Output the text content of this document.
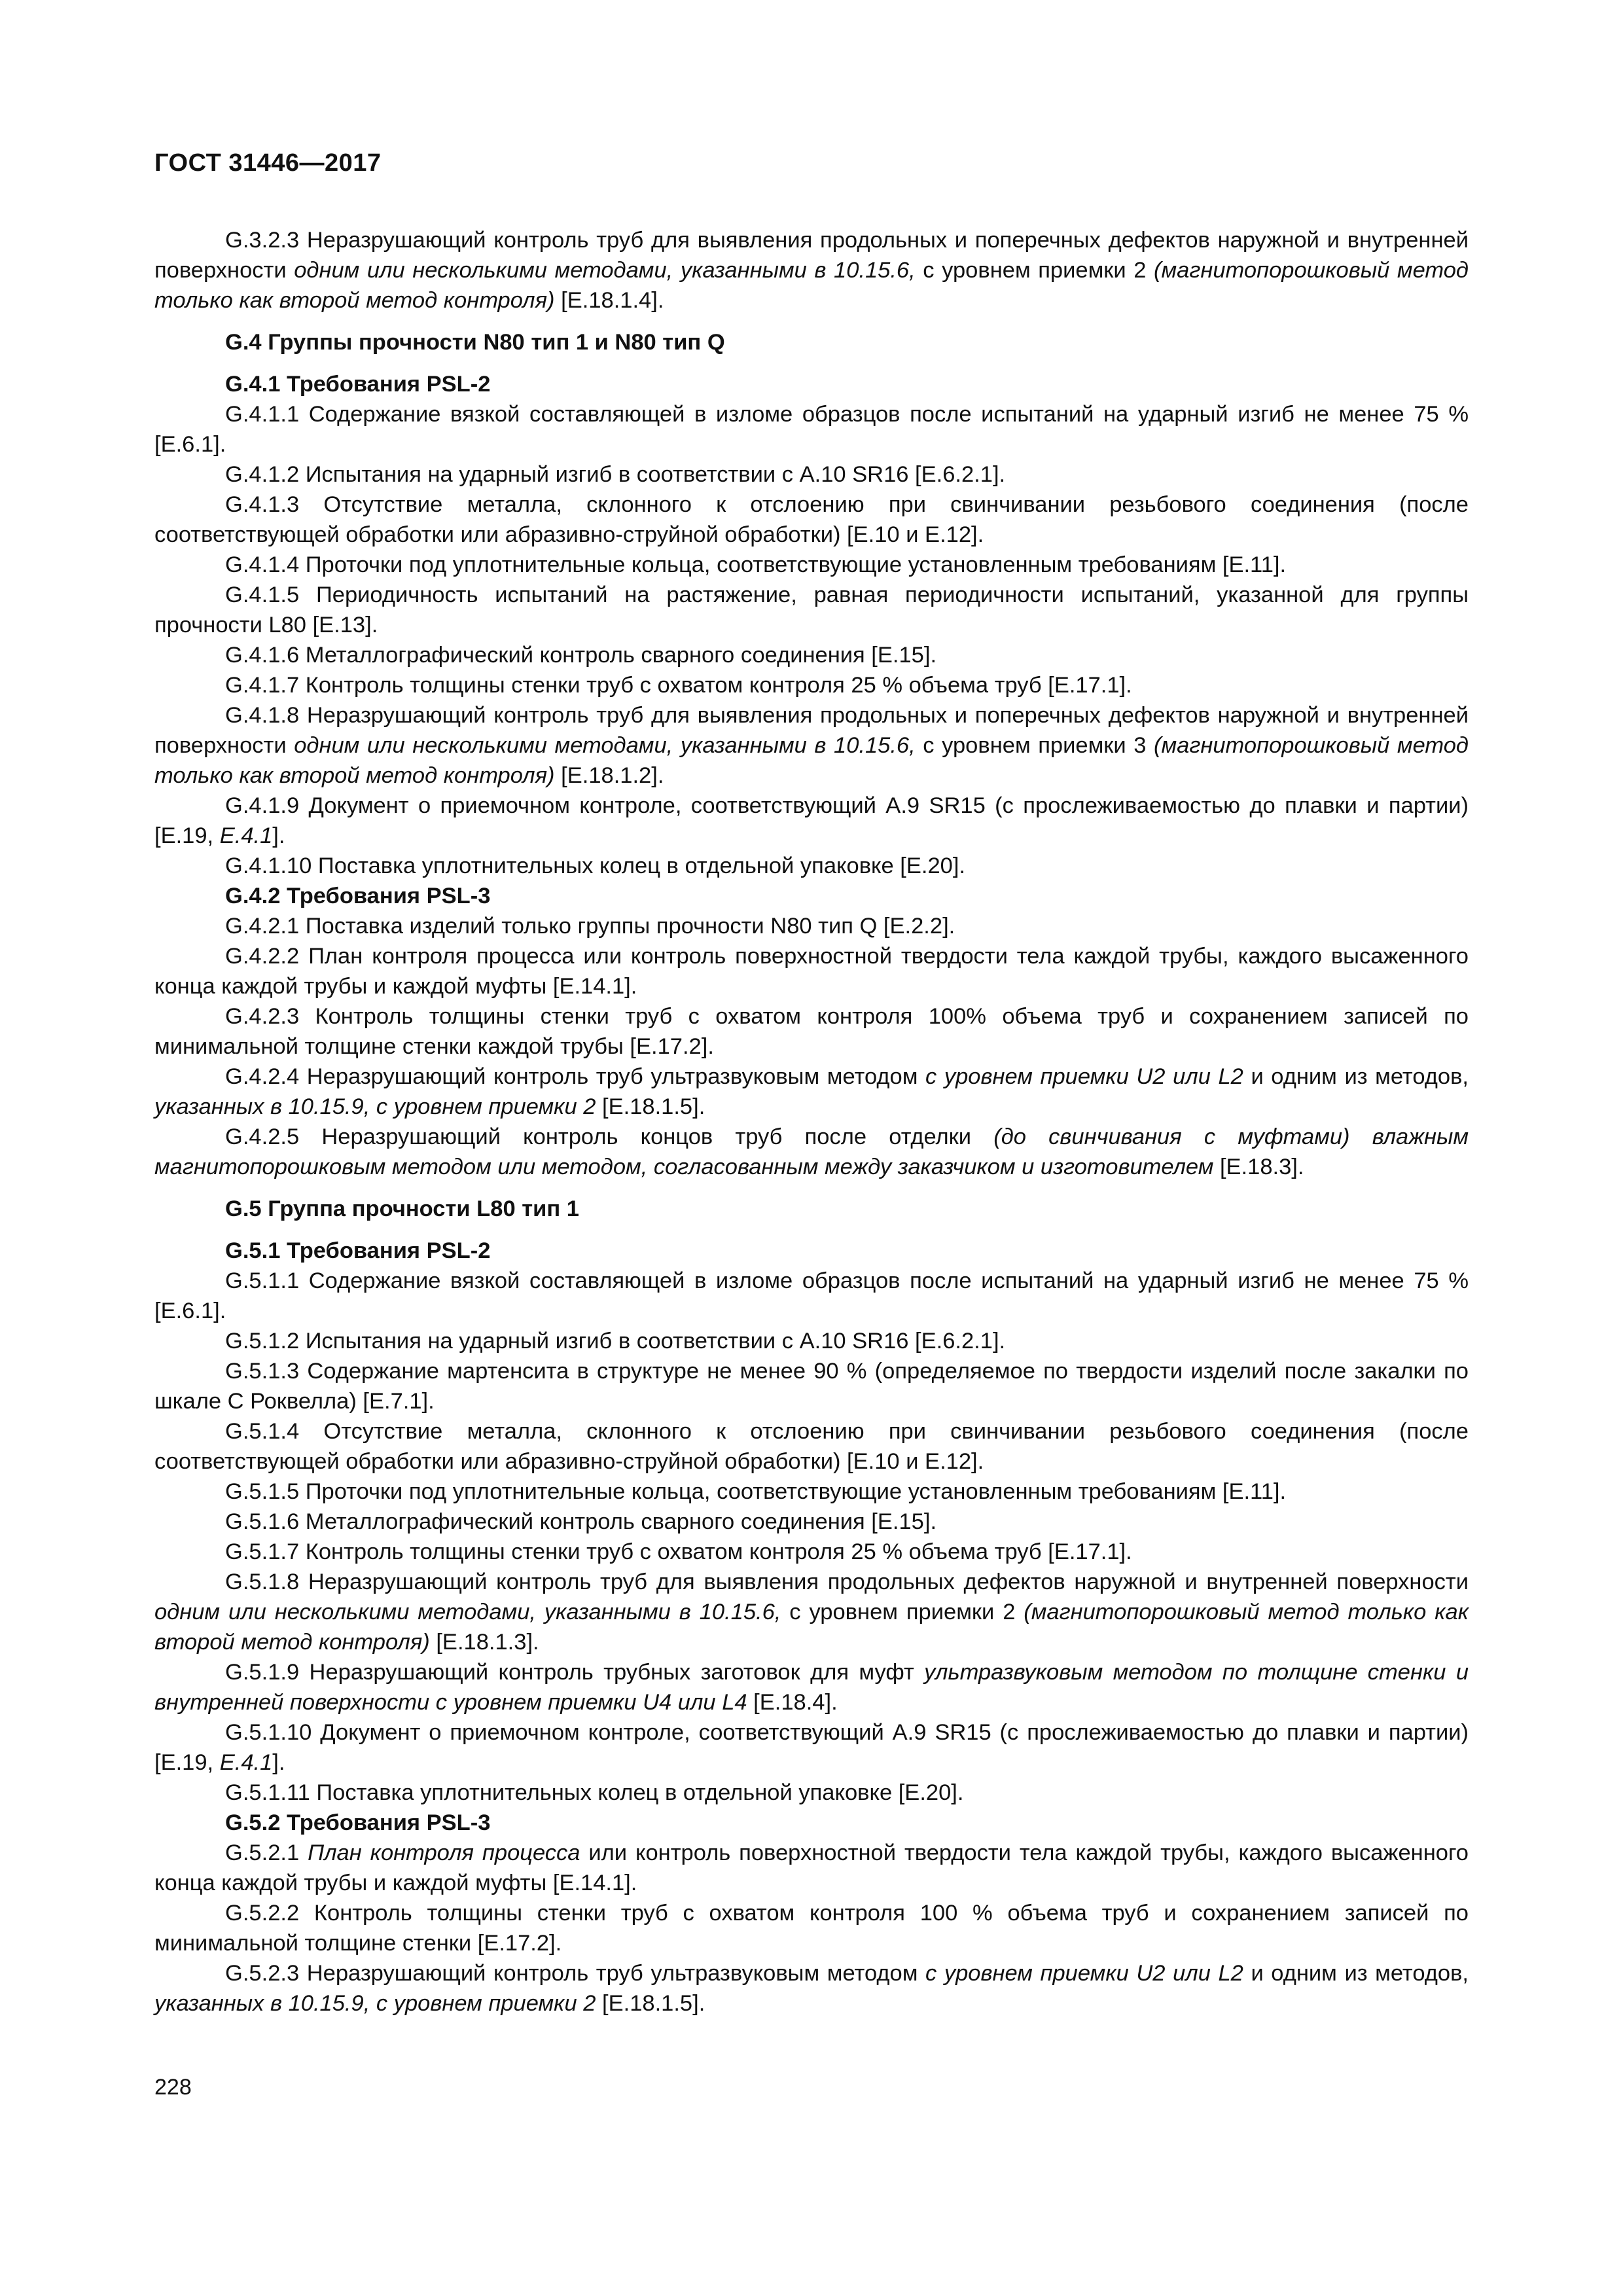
ГОСТ 31446—2017

G.3.2.3 Неразрушающий контроль труб для выявления продольных и поперечных дефектов наружной и внутренней поверхности одним или несколькими методами, указанными в 10.15.6, с уровнем приемки 2 (магнитопорошковый метод только как второй метод контроля) [E.18.1.4].

G.4 Группы прочности N80 тип 1 и N80 тип Q

G.4.1 Требования PSL-2

G.4.1.1 Содержание вязкой составляющей в изломе образцов после испытаний на ударный изгиб не менее 75 % [E.6.1].

G.4.1.2 Испытания на ударный изгиб в соответствии с A.10 SR16 [E.6.2.1].

G.4.1.3 Отсутствие металла, склонного к отслоению при свинчивании резьбового соединения (после соответствующей обработки или абразивно-струйной обработки) [E.10 и E.12].

G.4.1.4 Проточки под уплотнительные кольца, соответствующие установленным требованиям [E.11].

G.4.1.5 Периодичность испытаний на растяжение, равная периодичности испытаний, указанной для группы прочности L80 [E.13].

G.4.1.6 Металлографический контроль сварного соединения [E.15].

G.4.1.7 Контроль толщины стенки труб с охватом контроля 25 % объема труб [E.17.1].

G.4.1.8 Неразрушающий контроль труб для выявления продольных и поперечных дефектов наружной и внутренней поверхности одним или несколькими методами, указанными в 10.15.6, с уровнем приемки 3 (магнитопорошковый метод только как второй метод контроля) [E.18.1.2].

G.4.1.9 Документ о приемочном контроле, соответствующий A.9 SR15 (с прослеживаемостью до плавки и партии) [E.19, E.4.1].

G.4.1.10 Поставка уплотнительных колец в отдельной упаковке [E.20].

G.4.2 Требования PSL-3

G.4.2.1 Поставка изделий только группы прочности N80 тип Q [E.2.2].

G.4.2.2 План контроля процесса или контроль поверхностной твердости тела каждой трубы, каждого высаженного конца каждой трубы и каждой муфты [E.14.1].

G.4.2.3 Контроль толщины стенки труб с охватом контроля 100% объема труб и сохранением записей по минимальной толщине стенки каждой трубы [E.17.2].

G.4.2.4 Неразрушающий контроль труб ультразвуковым методом с уровнем приемки U2 или L2 и одним из методов, указанных в 10.15.9, с уровнем приемки 2 [E.18.1.5].

G.4.2.5 Неразрушающий контроль концов труб после отделки (до свинчивания с муфтами) влажным магнитопорошковым методом или методом, согласованным между заказчиком и изготовителем [E.18.3].

G.5 Группа прочности L80 тип 1

G.5.1 Требования PSL-2

G.5.1.1 Содержание вязкой составляющей в изломе образцов после испытаний на ударный изгиб не менее 75 % [E.6.1].

G.5.1.2 Испытания на ударный изгиб в соответствии с A.10 SR16 [E.6.2.1].

G.5.1.3 Содержание мартенсита в структуре не менее 90 % (определяемое по твердости изделий после закалки по шкале C Роквелла) [E.7.1].

G.5.1.4 Отсутствие металла, склонного к отслоению при свинчивании резьбового соединения (после соответствующей обработки или абразивно-струйной обработки) [E.10 и E.12].

G.5.1.5 Проточки под уплотнительные кольца, соответствующие установленным требованиям [E.11].

G.5.1.6 Металлографический контроль сварного соединения [E.15].

G.5.1.7 Контроль толщины стенки труб с охватом контроля 25 % объема труб [E.17.1].

G.5.1.8 Неразрушающий контроль труб для выявления продольных дефектов наружной и внутренней поверхности одним или несколькими методами, указанными в 10.15.6, с уровнем приемки 2 (магнитопорошковый метод только как второй метод контроля) [E.18.1.3].

G.5.1.9 Неразрушающий контроль трубных заготовок для муфт ультразвуковым методом по толщине стенки и внутренней поверхности с уровнем приемки U4 или L4 [E.18.4].

G.5.1.10 Документ о приемочном контроле, соответствующий A.9 SR15 (с прослеживаемостью до плавки и партии) [E.19, E.4.1].

G.5.1.11 Поставка уплотнительных колец в отдельной упаковке [E.20].

G.5.2 Требования PSL-3

G.5.2.1 План контроля процесса или контроль поверхностной твердости тела каждой трубы, каждого высаженного конца каждой трубы и каждой муфты [E.14.1].

G.5.2.2 Контроль толщины стенки труб с охватом контроля 100 % объема труб и сохранением записей по минимальной толщине стенки [E.17.2].

G.5.2.3 Неразрушающий контроль труб ультразвуковым методом с уровнем приемки U2 или L2 и одним из методов, указанных в 10.15.9, с уровнем приемки 2 [E.18.1.5].

228
